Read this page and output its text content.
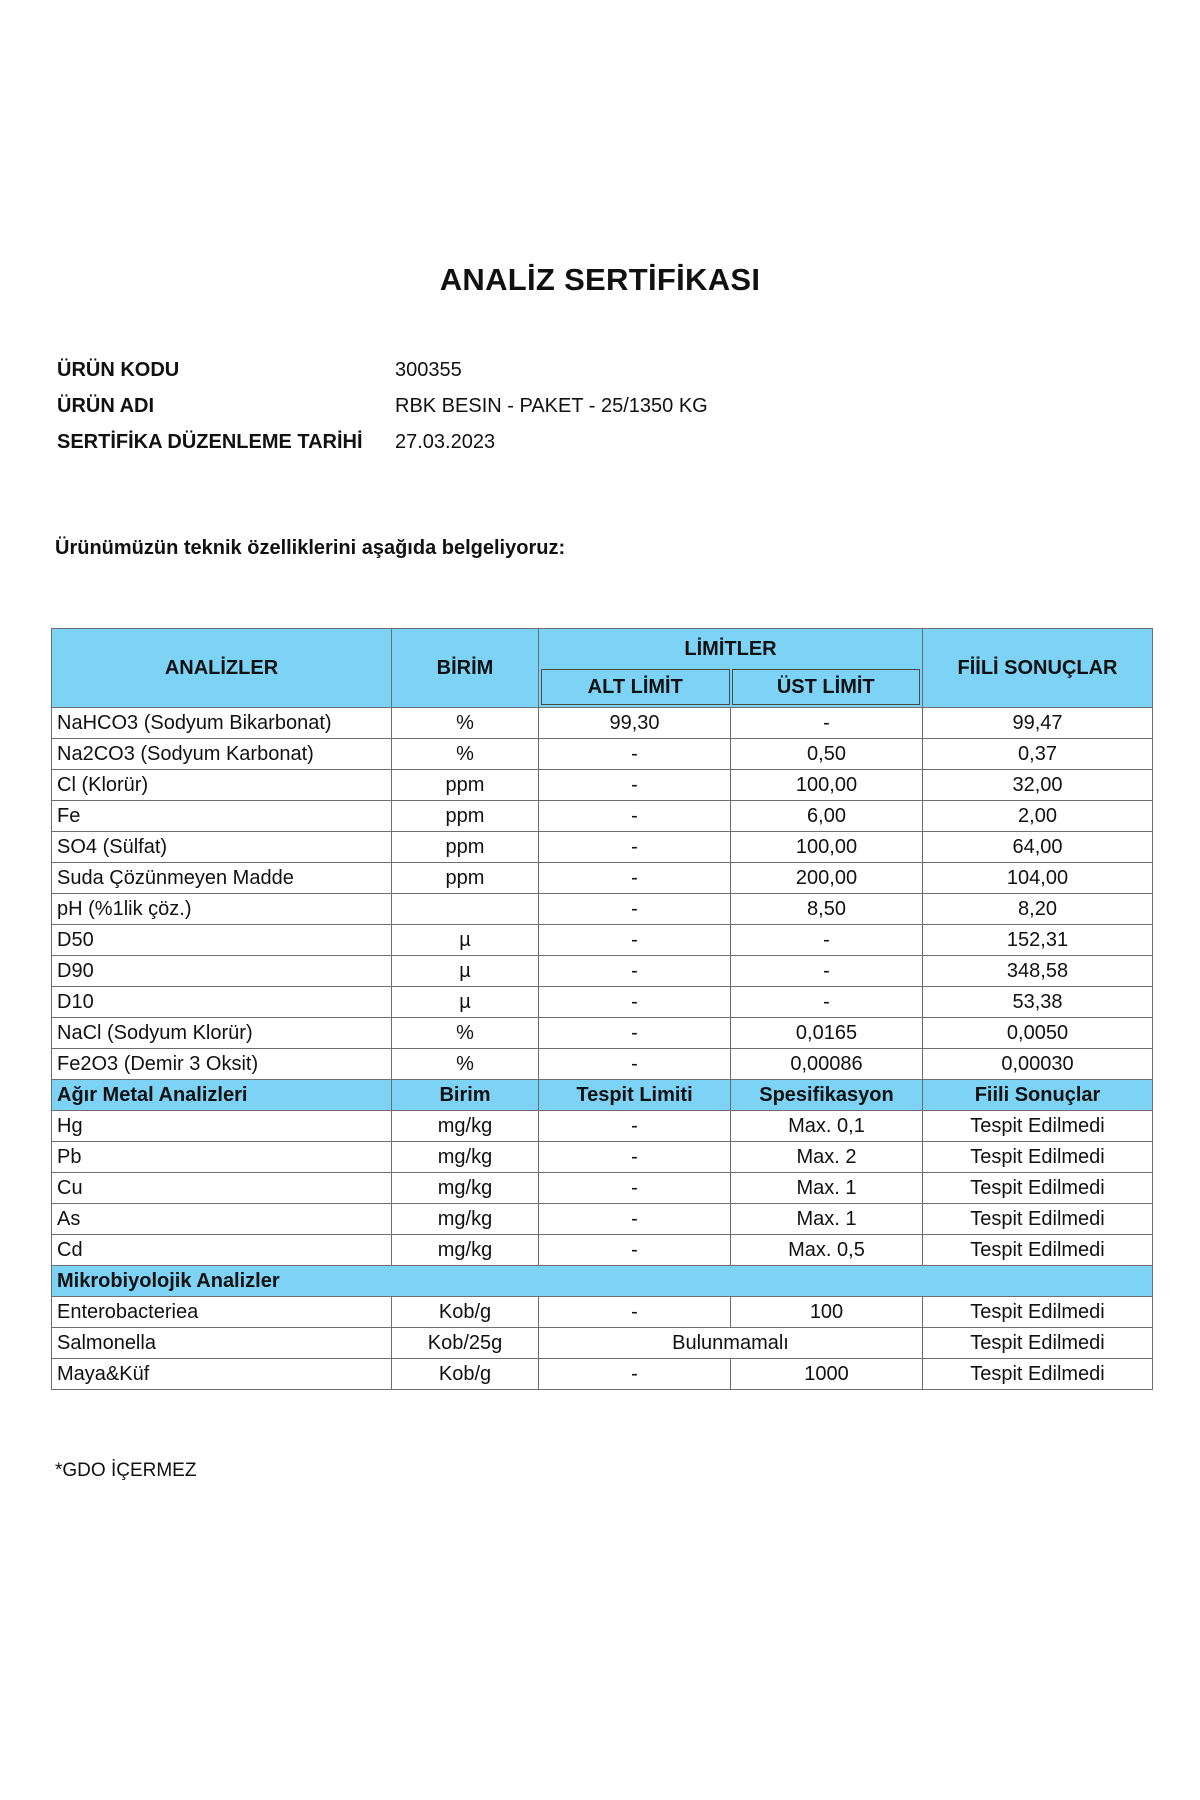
ANALİZ SERTİFİKASI
ÜRÜN KODU	300355
ÜRÜN ADI	RBK BESIN - PAKET - 25/1350 KG
SERTİFİKA DÜZENLEME TARİHİ	27.03.2023
Ürünümüzün teknik özelliklerini aşağıda belgeliyoruz:
ANALİZLER	BİRİM	
LİMİTLER
ALT LİMİT	ÜST LİMİT
	FİİLİ SONUÇLAR

NaHCO3 (Sodyum Bikarbonat)	%	99,30	-	99,47
Na2CO3 (Sodyum Karbonat)	%	-	0,50	0,37
Cl (Klorür)	ppm	-	100,00	32,00
Fe	ppm	-	6,00	2,00
SO4 (Sülfat)	ppm	-	100,00	64,00
Suda Çözünmeyen Madde	ppm	-	200,00	104,00
pH (%1lik çöz.)		-	8,50	8,20
D50	µ	-	-	152,31
D90	µ	-	-	348,58
D10	µ	-	-	53,38
NaCl (Sodyum Klorür)	%	-	0,0165	0,0050
Fe2O3 (Demir 3 Oksit)	%	-	0,00086	0,00030
Ağır Metal Analizleri	Birim	Tespit Limiti	Spesifikasyon	Fiili Sonuçlar
Hg	mg/kg	-	Max. 0,1	Tespit Edilmedi
Pb	mg/kg	-	Max. 2	Tespit Edilmedi
Cu	mg/kg	-	Max. 1	Tespit Edilmedi
As	mg/kg	-	Max. 1	Tespit Edilmedi
Cd	mg/kg	-	Max. 0,5	Tespit Edilmedi
Mikrobiyolojik Analizler
Enterobacteriea	Kob/g	-	100	Tespit Edilmedi
Salmonella	Kob/25g	Bulunmamalı	Tespit Edilmedi
Maya&Küf	Kob/g	-	1000	Tespit Edilmedi
*GDO İÇERMEZ
